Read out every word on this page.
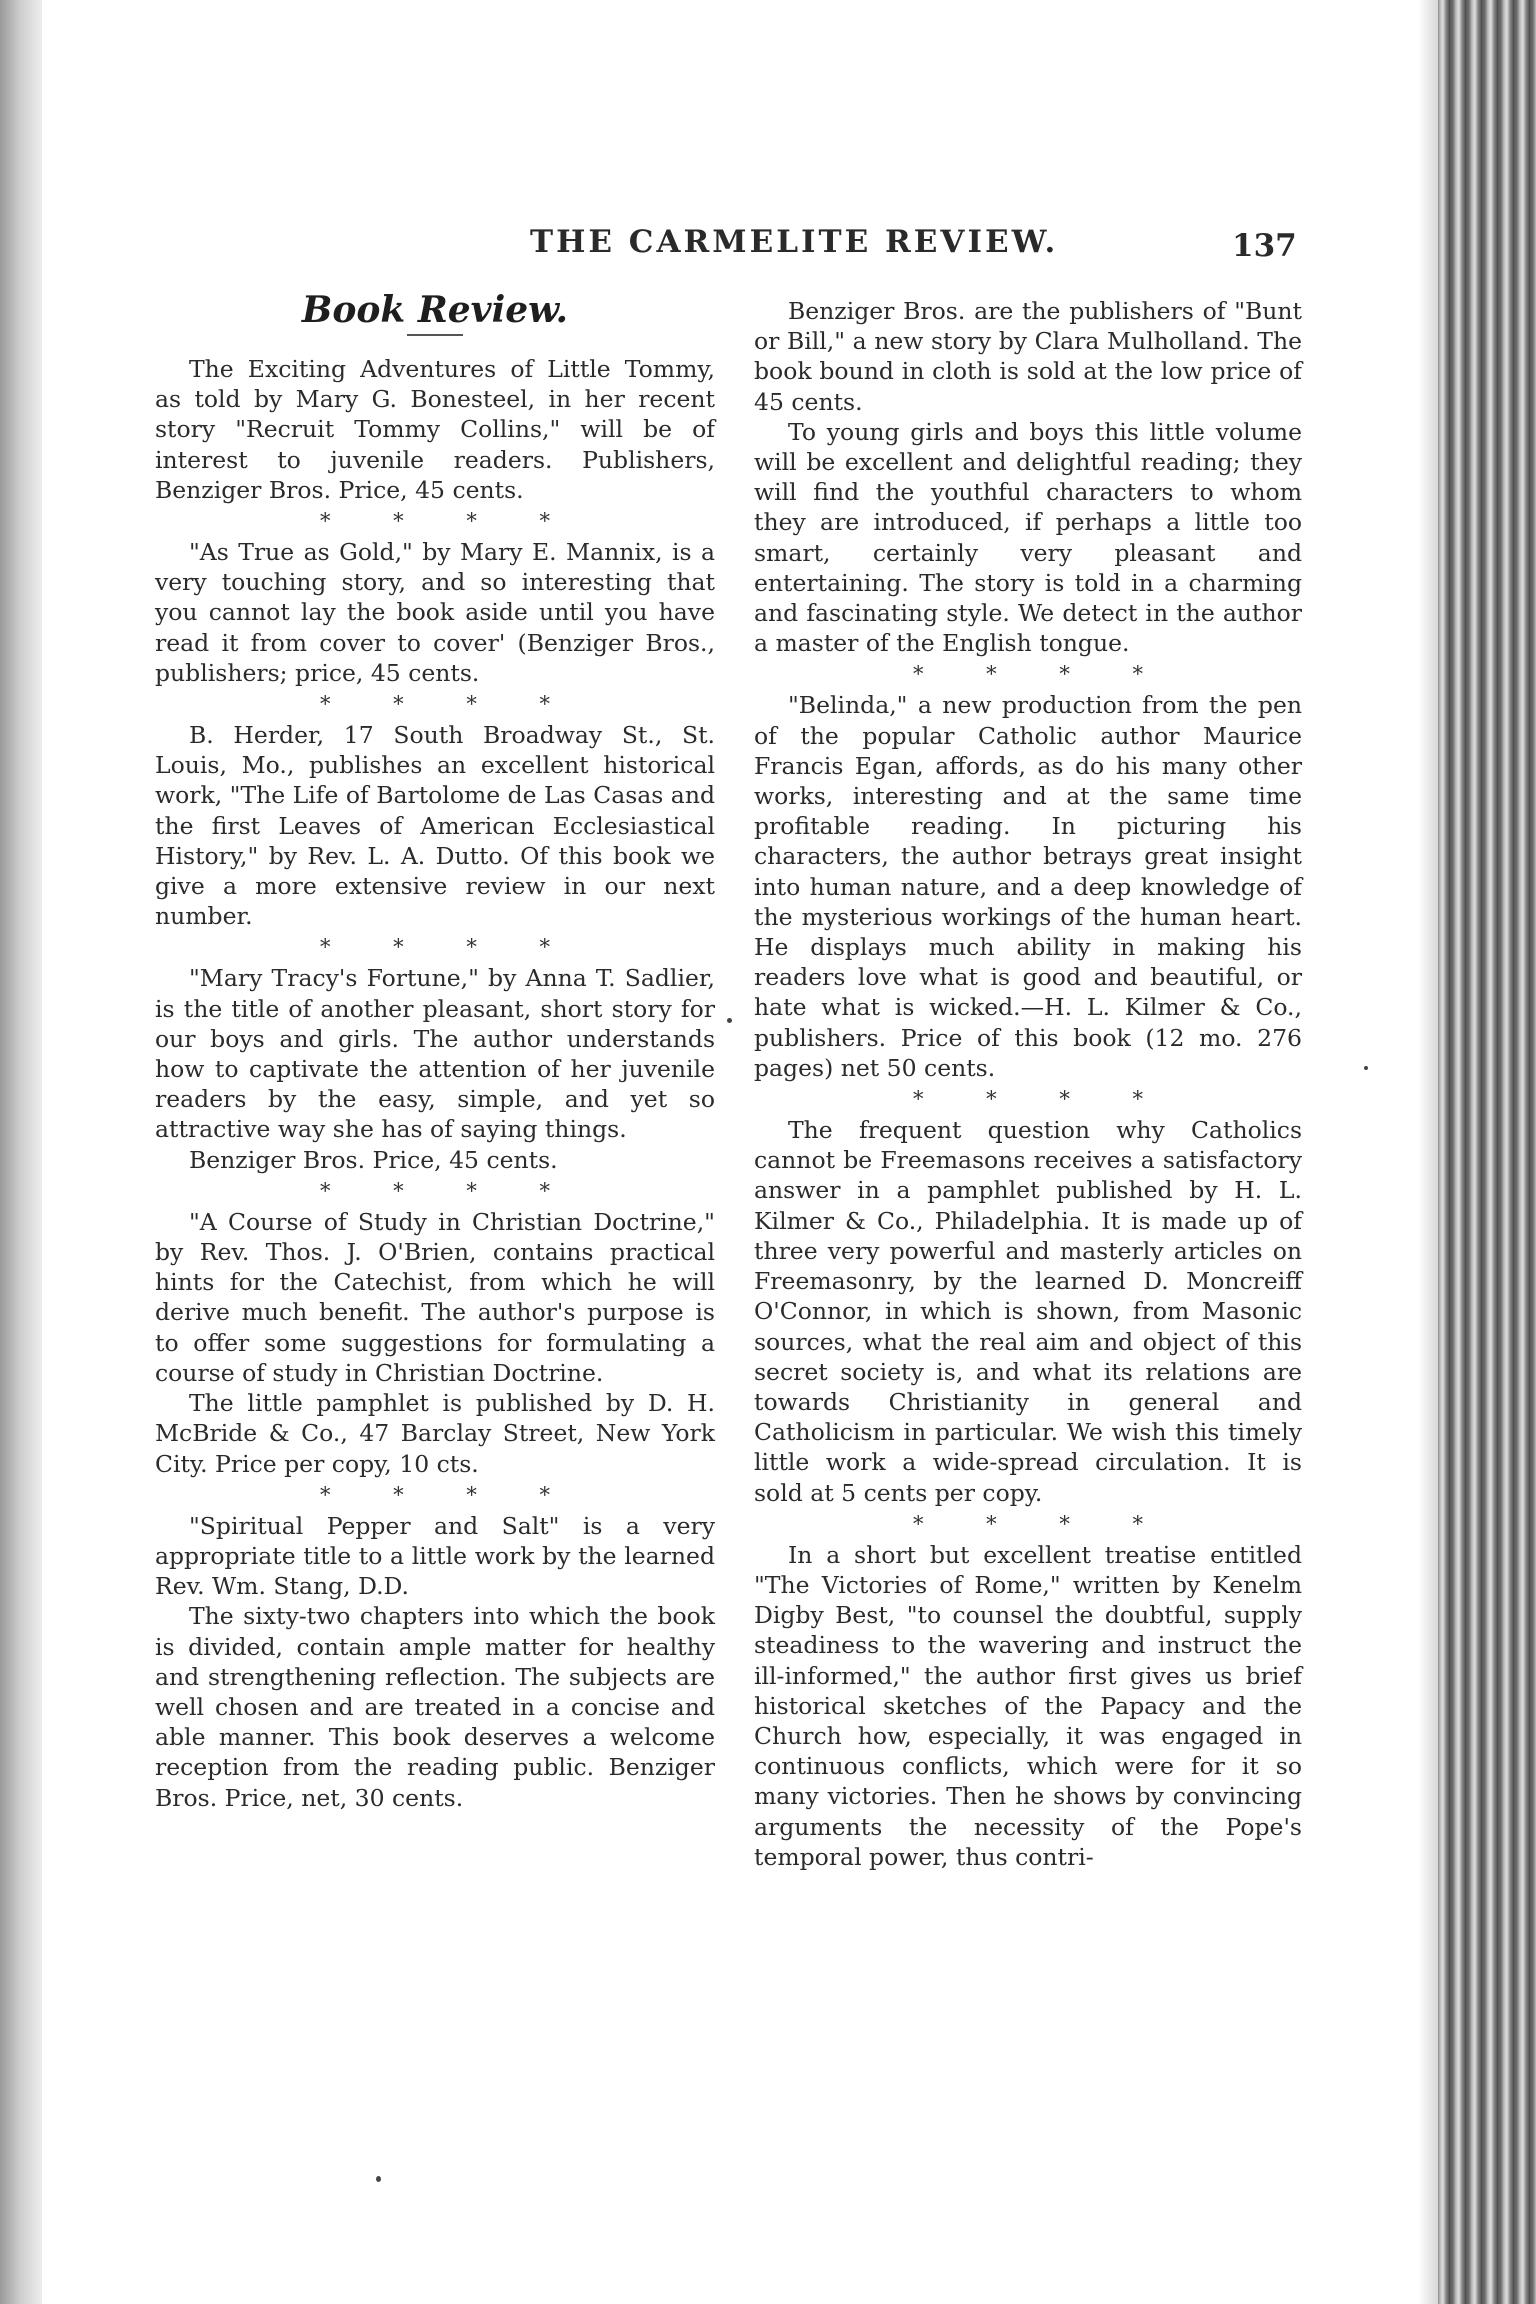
THE CARMELITE REVIEW.	137
Book Review.

The Exciting Adventures of Little Tommy, as told by Mary G. Bonesteel, in her recent story "Recruit Tommy Collins," will be of interest to juvenile readers. Publishers, Benziger Bros. Price, 45 cents.

* * * *

"As True as Gold," by Mary E. Mannix, is a very touching story, and so interesting that you cannot lay the book aside until you have read it from cover to cover' (Benziger Bros., publishers; price, 45 cents.

* * * *

B. Herder, 17 South Broadway St., St. Louis, Mo., publishes an excellent historical work, "The Life of Bartolome de Las Casas and the first Leaves of American Ecclesiastical History," by Rev. L. A. Dutto. Of this book we give a more extensive review in our next number.

* * * *

"Mary Tracy's Fortune," by Anna T. Sadlier, is the title of another pleasant, short story for our boys and girls. The author understands how to captivate the attention of her juvenile readers by the easy, simple, and yet so attractive way she has of saying things.

Benziger Bros. Price, 45 cents.

* * * *

"A Course of Study in Christian Doctrine," by Rev. Thos. J. O'Brien, contains practical hints for the Catechist, from which he will derive much benefit. The author's purpose is to offer some suggestions for formulating a course of study in Christian Doctrine.

The little pamphlet is published by D. H. McBride & Co., 47 Barclay Street, New York City. Price per copy, 10 cts.

* * * *

"Spiritual Pepper and Salt" is a very appropriate title to a little work by the learned Rev. Wm. Stang, D.D.

The sixty-two chapters into which the book is divided, contain ample matter for healthy and strengthening reflection. The subjects are well chosen and are treated in a concise and able manner. This book deserves a welcome reception from the reading public. Benziger Bros. Price, net, 30 cents.

Benziger Bros. are the publishers of "Bunt or Bill," a new story by Clara Mulholland. The book bound in cloth is sold at the low price of 45 cents.

To young girls and boys this little volume will be excellent and delightful reading; they will find the youthful characters to whom they are introduced, if perhaps a little too smart, certainly very pleasant and entertaining. The story is told in a charming and fascinating style. We detect in the author a master of the English tongue.

* * * *

"Belinda," a new production from the pen of the popular Catholic author Maurice Francis Egan, affords, as do his many other works, interesting and at the same time profitable reading. In picturing his characters, the author betrays great insight into human nature, and a deep knowledge of the mysterious workings of the human heart. He displays much ability in making his readers love what is good and beautiful, or hate what is wicked.—H. L. Kilmer & Co., publishers. Price of this book (12 mo. 276 pages) net 50 cents.

* * * *

The frequent question why Catholics cannot be Freemasons receives a satisfactory answer in a pamphlet published by H. L. Kilmer & Co., Philadelphia. It is made up of three very powerful and masterly articles on Freemasonry, by the learned D. Moncreiff O'Connor, in which is shown, from Masonic sources, what the real aim and object of this secret society is, and what its relations are towards Christianity in general and Catholicism in particular. We wish this timely little work a wide-spread circulation. It is sold at 5 cents per copy.

* * * *

In a short but excellent treatise entitled "The Victories of Rome," written by Kenelm Digby Best, "to counsel the doubtful, supply steadiness to the wavering and instruct the ill-informed," the author first gives us brief historical sketches of the Papacy and the Church how, especially, it was engaged in continuous conflicts, which were for it so many victories. Then he shows by convincing arguments the necessity of the Pope's temporal power, thus contri-
